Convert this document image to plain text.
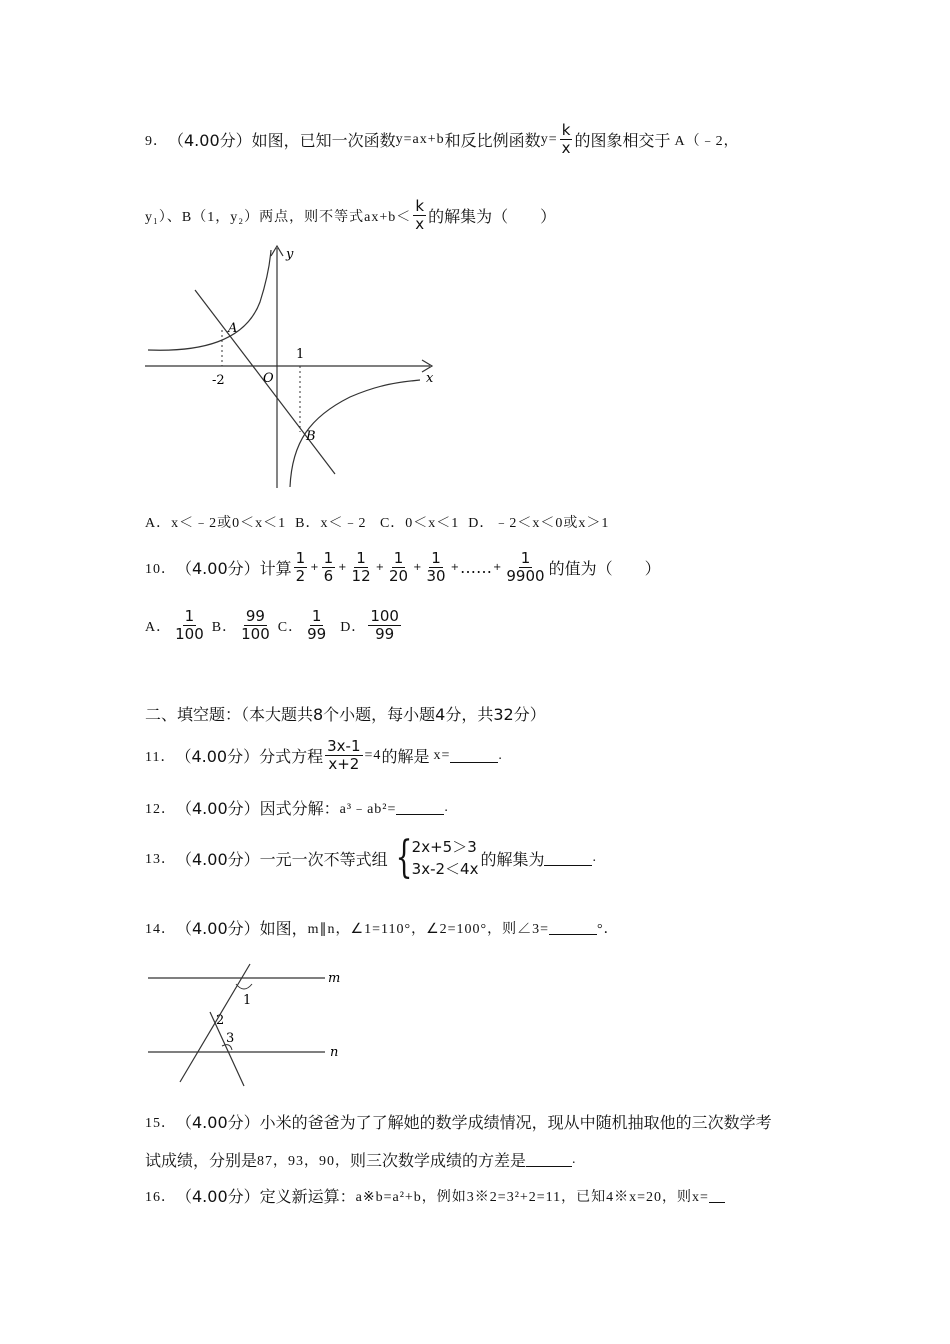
9． （4.00分） 如图，已知一次函数 y=ax+b 和反比例函数 $y= \frac{k}{x}$ 的图象相交于 A（﹣2，
y₁）、B（1，y₂）两点，则不等式 $ax+b< \frac{k}{x}$ 的解集为（　　）
y
x
O
-2
1
A
B
A．x＜﹣2或0＜x＜1  B．x＜﹣2   C．0＜x＜1  D．﹣2＜x＜0或x＞1
10． （4.00分） 计算 $\frac{1}{2} + \frac{1}{6} + \frac{1}{12} + \frac{1}{20} + \frac{1}{30}$ + …… + $\frac{1}{9900}$ 的值为（　　）
A． $\frac{1}{100}$ B． $\frac{99}{100}$ C． $\frac{1}{99}$ D． $\frac{100}{99}$
二、填空题：（本大题共8个小题，每小题4分，共32分）
11． （4.00分） 分式方程 $\frac{3x-1}{x+2} =4$ 的解是 x=	.
12． （4.00分） 因式分解： a³﹣ab²=	.
13． （4.00分） 一元一次不等式组 { 2x+5＞3
3x-2＜4x
的解集为	.
14． （4.00分） 如图， m∥n，∠1=110°，∠2=100°，则∠3=	°．
m
n
1
2
3
15． （4.00分） 小米的爸爸为了了解她的数学成绩情况，现从中随机抽取他的三次数学考
试成绩，分别是 87，93，90， 则三次数学成绩的方差是	.
16． （4.00分） 定义新运算： a※b=a²+b，例如3※2=3²+2=11，已知4※x=20，则x=
